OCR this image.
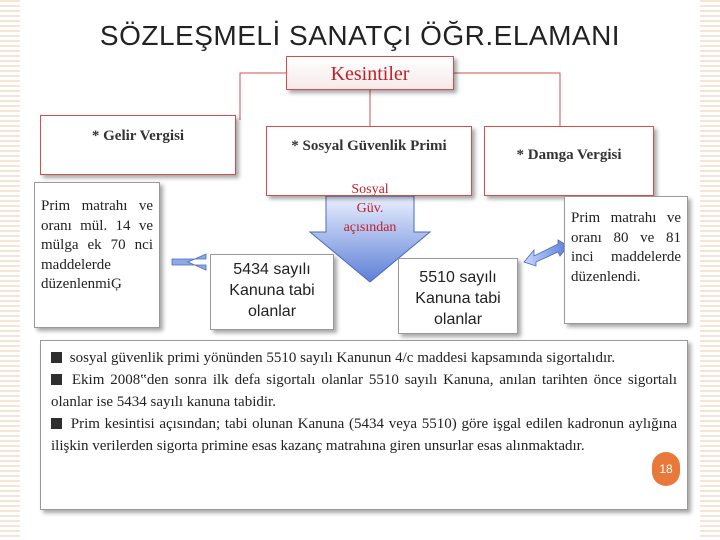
SÖZLEŞMELİ SANATÇI ÖĞR.ELAMANI
Kesintiler
* Gelir Vergisi
* Sosyal Güvenlik Primi
* Damga Vergisi
Sosyal Güv. açısından
Prim matrahı ve oranı mül. 14 ve mülga ek 70 nci maddelerde düzenlenmiĢ
Prim matrahı ve oranı 80 ve 81 inci maddelerde düzenlendi.
5434 sayılı Kanuna tabi olanlar
5510 sayılı Kanuna tabi olanlar

sosyal güvenlik primi yönünden 5510 sayılı Kanunun 4/c maddesi kapsamında sigortalıdır.

Ekim 2008‟den sonra ilk defa sigortalı olanlar 5510 sayılı Kanuna, anılan tarihten önce sigortalı olanlar ise 5434 sayılı kanuna tabidir.

Prim kesintisi açısından; tabi olunan Kanuna (5434 veya 5510) göre işgal edilen kadronun aylığına ilişkin verilerden sigorta primine esas kazanç matrahına giren unsurlar esas alınmaktadır.

18
